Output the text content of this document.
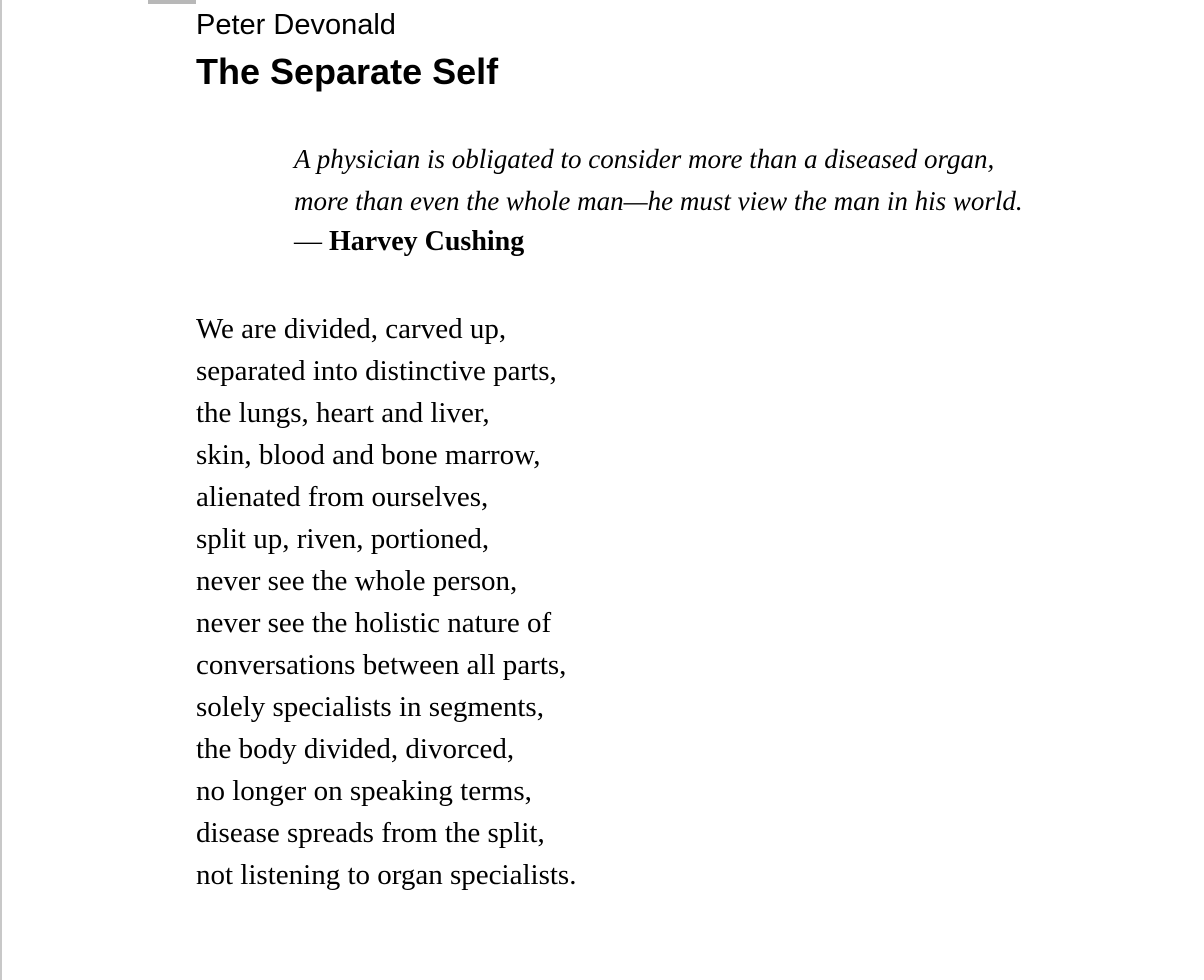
Peter Devonald
The Separate Self
A physician is obligated to consider more than a diseased organ,
more than even the whole man—he must view the man in his world.
— Harvey Cushing
We are divided, carved up,
separated into distinctive parts,
the lungs, heart and liver,
skin, blood and bone marrow,
alienated from ourselves,
split up, riven, portioned,
never see the whole person,
never see the holistic nature of
conversations between all parts,
solely specialists in segments,
the body divided, divorced,
no longer on speaking terms,
disease spreads from the split,
not listening to organ specialists.
